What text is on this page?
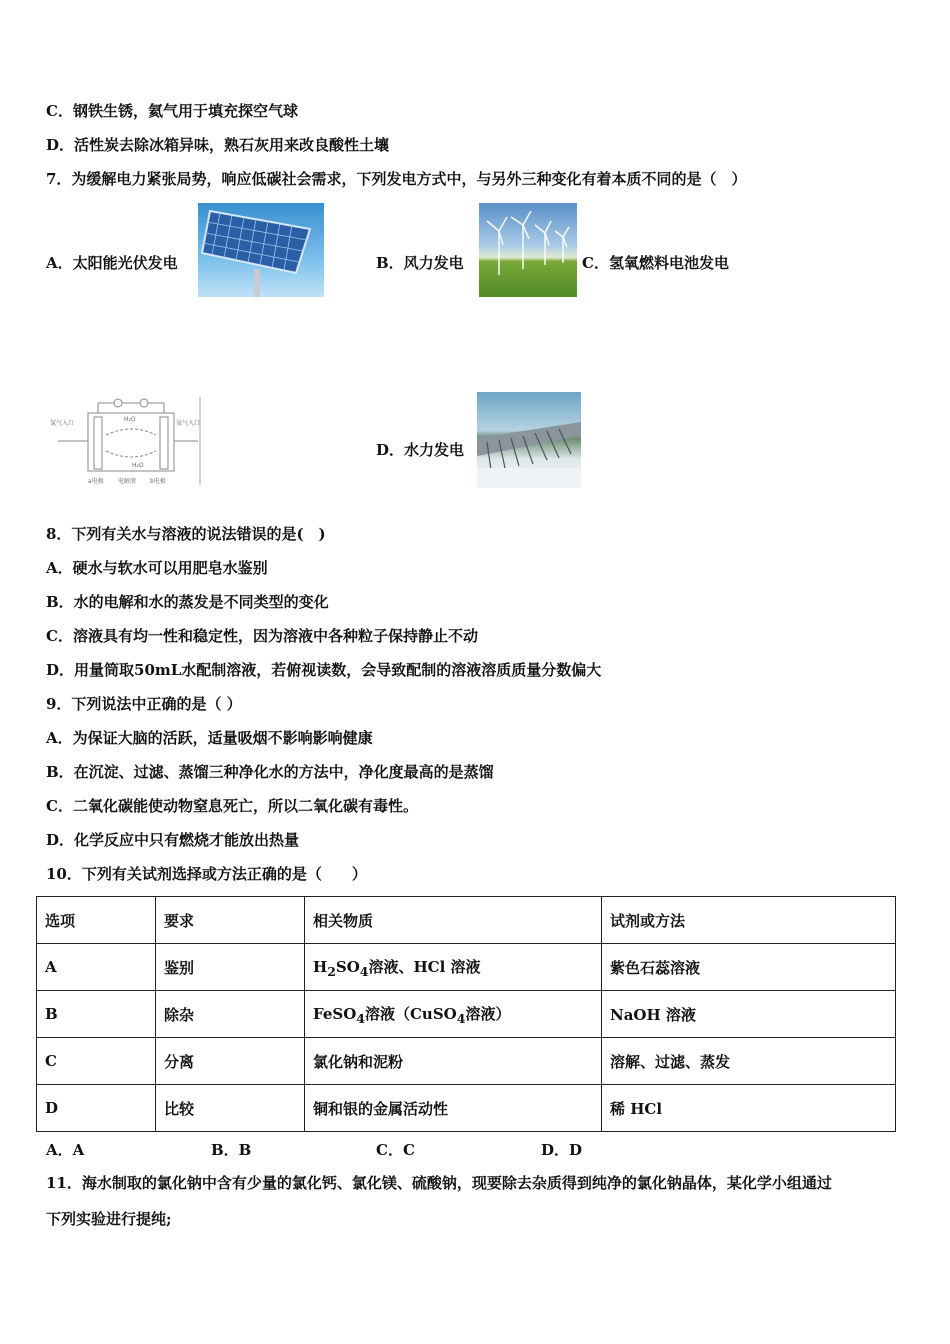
C．钢铁生锈，氦气用于填充探空气球
D．活性炭去除冰箱异味，熟石灰用来改良酸性土壤
7．为缓解电力紧张局势，响应低碳社会需求，下列发电方式中，与另外三种变化有着本质不同的是（　）
A．太阳能光伏发电	B．风力发电	C．氢氧燃料电池发电
氢气入口	氧气入口
H₂O
H₂O
a电极 电解液 b电极
D．水力发电
8．下列有关水与溶液的说法错误的是(　)
A．硬水与软水可以用肥皂水鉴别
B．水的电解和水的蒸发是不同类型的变化
C．溶液具有均一性和稳定性，因为溶液中各种粒子保持静止不动
D．用量筒取50mL水配制溶液，若俯视读数，会导致配制的溶液溶质质量分数偏大
9．下列说法中正确的是（ ）
A．为保证大脑的活跃，适量吸烟不影响影响健康
B．在沉淀、过滤、蒸馏三种净化水的方法中，净化度最高的是蒸馏
C．二氧化碳能使动物窒息死亡，所以二氧化碳有毒性。
D．化学反应中只有燃烧才能放出热量
10．下列有关试剂选择或方法正确的是（　　）
选项	要求	相关物质	试剂或方法
A	鉴别	$H_2SO_4$溶液、HCl 溶液	紫色石蕊溶液
B	除杂	FeSO$_4$溶液（CuSO$_4$溶液）	NaOH 溶液
C	分离	氯化钠和泥粉	溶解、过滤、蒸发
D	比较	铜和银的金属活动性	稀 HCl
A．A	B．B	C．C	D．D
11．海水制取的氯化钠中含有少量的氯化钙、氯化镁、硫酸钠，现要除去杂质得到纯净的氯化钠晶体，某化学小组通过
下列实验进行提纯;
